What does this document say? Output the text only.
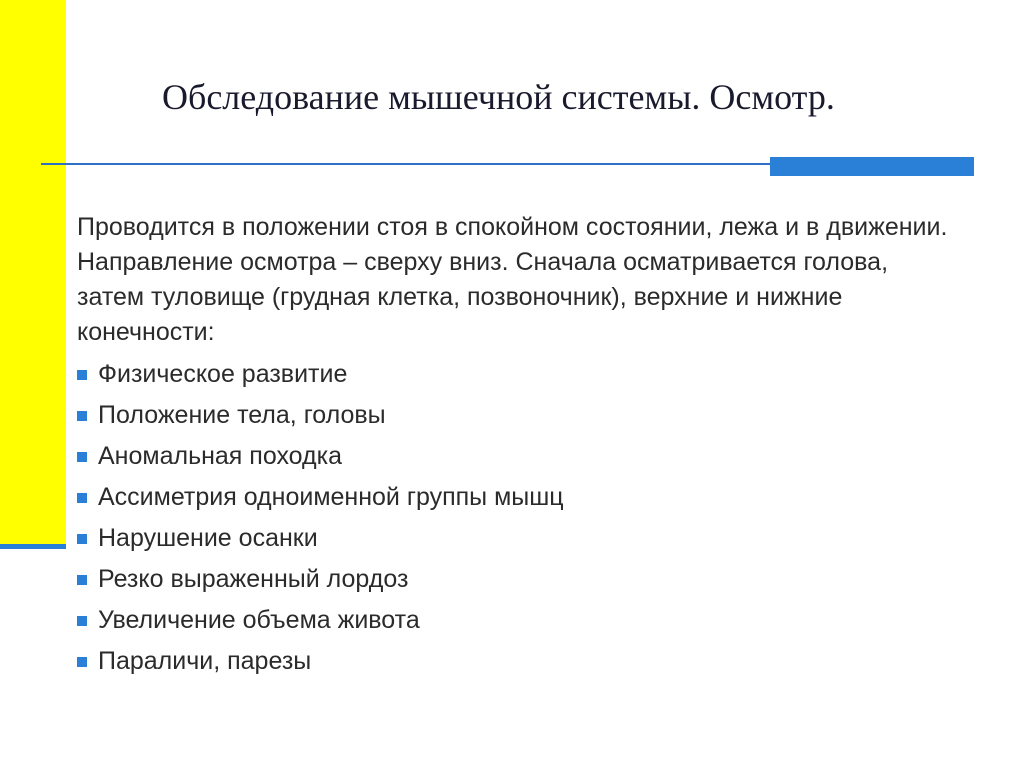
Обследование мышечной системы. Осмотр.
Проводится в положении стоя в спокойном состоянии, лежа и в движении. Направление осмотра – сверху вниз. Сначала осматривается голова, затем туловище (грудная клетка, позвоночник), верхние и нижние конечности:
Физическое развитие
Положение тела, головы
Аномальная походка
Ассиметрия одноименной группы мышц
Нарушение осанки
Резко выраженный лордоз
Увеличение объема живота
Параличи, парезы
